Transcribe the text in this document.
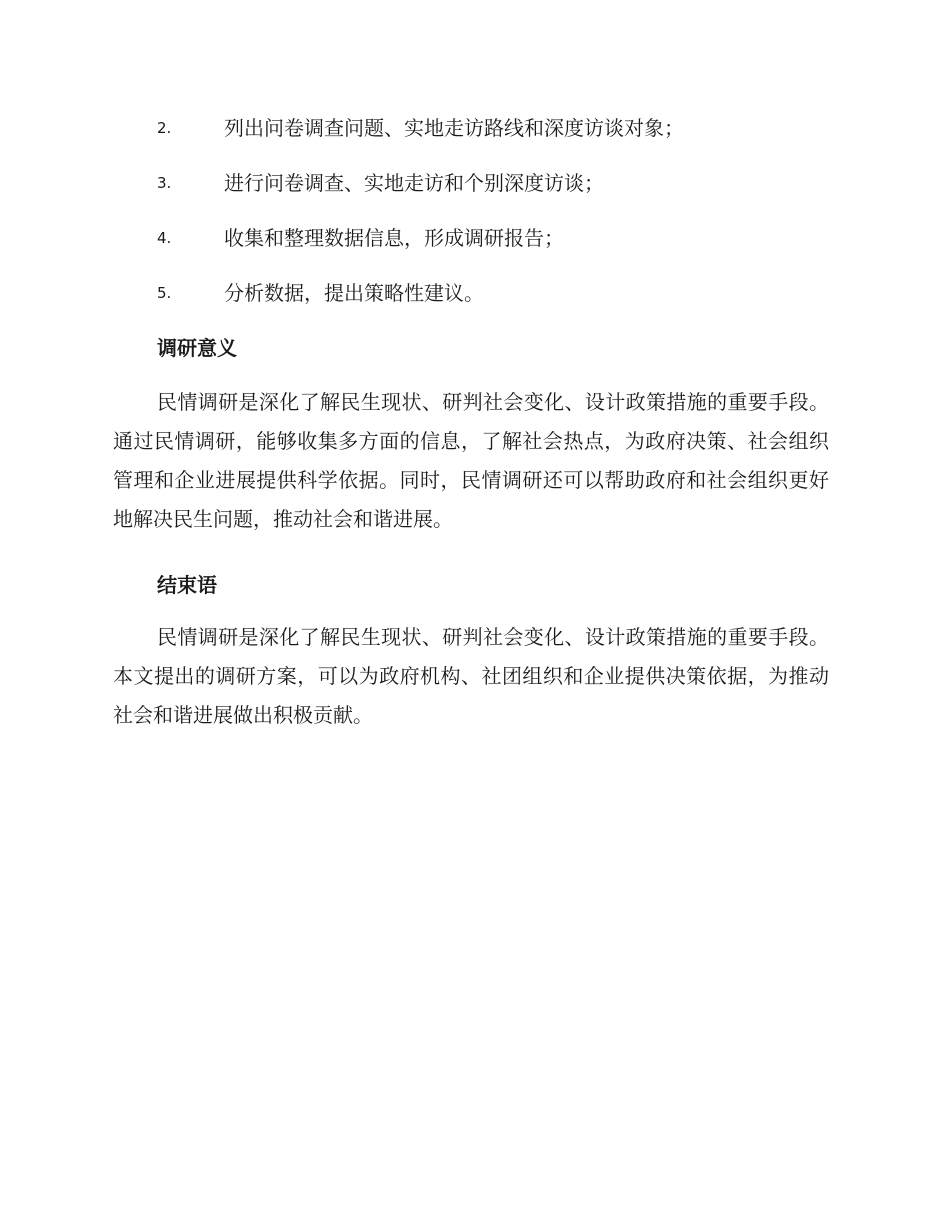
2.	列出问卷调查问题、实地走访路线和深度访谈对象；
3.	进行问卷调查、实地走访和个别深度访谈；
4.	收集和整理数据信息，形成调研报告；
5.	分析数据，提出策略性建议。
调研意义
民情调研是深化了解民生现状、研判社会变化、设计政策措施的重要手段。通过民情调研，能够收集多方面的信息，了解社会热点，为政府决策、社会组织管理和企业进展提供科学依据。同时，民情调研还可以帮助政府和社会组织更好地解决民生问题，推动社会和谐进展。
结束语
民情调研是深化了解民生现状、研判社会变化、设计政策措施的重要手段。本文提出的调研方案，可以为政府机构、社团组织和企业提供决策依据，为推动社会和谐进展做出积极贡献。
